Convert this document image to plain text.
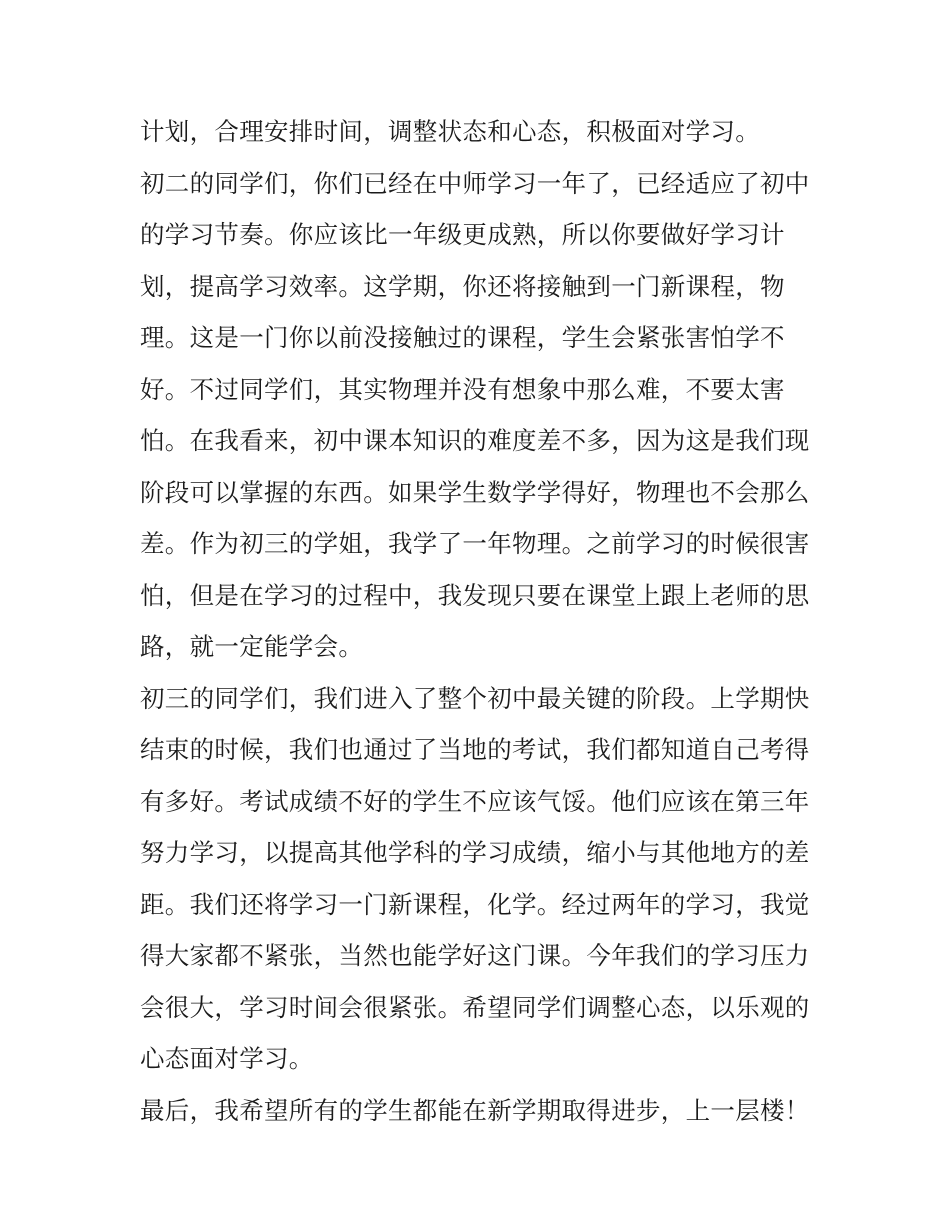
计划，合理安排时间，调整状态和心态，积极面对学习。
初二的同学们，你们已经在中师学习一年了，已经适应了初中
的学习节奏。你应该比一年级更成熟，所以你要做好学习计
划，提高学习效率。这学期，你还将接触到一门新课程，物
理。这是一门你以前没接触过的课程，学生会紧张害怕学不
好。不过同学们，其实物理并没有想象中那么难，不要太害
怕。在我看来，初中课本知识的难度差不多，因为这是我们现
阶段可以掌握的东西。如果学生数学学得好，物理也不会那么
差。作为初三的学姐，我学了一年物理。之前学习的时候很害
怕，但是在学习的过程中，我发现只要在课堂上跟上老师的思
路，就一定能学会。
初三的同学们，我们进入了整个初中最关键的阶段。上学期快
结束的时候，我们也通过了当地的考试，我们都知道自己考得
有多好。考试成绩不好的学生不应该气馁。他们应该在第三年
努力学习，以提高其他学科的学习成绩，缩小与其他地方的差
距。我们还将学习一门新课程，化学。经过两年的学习，我觉
得大家都不紧张，当然也能学好这门课。今年我们的学习压力
会很大，学习时间会很紧张。希望同学们调整心态，以乐观的
心态面对学习。
最后，我希望所有的学生都能在新学期取得进步，上一层楼！
